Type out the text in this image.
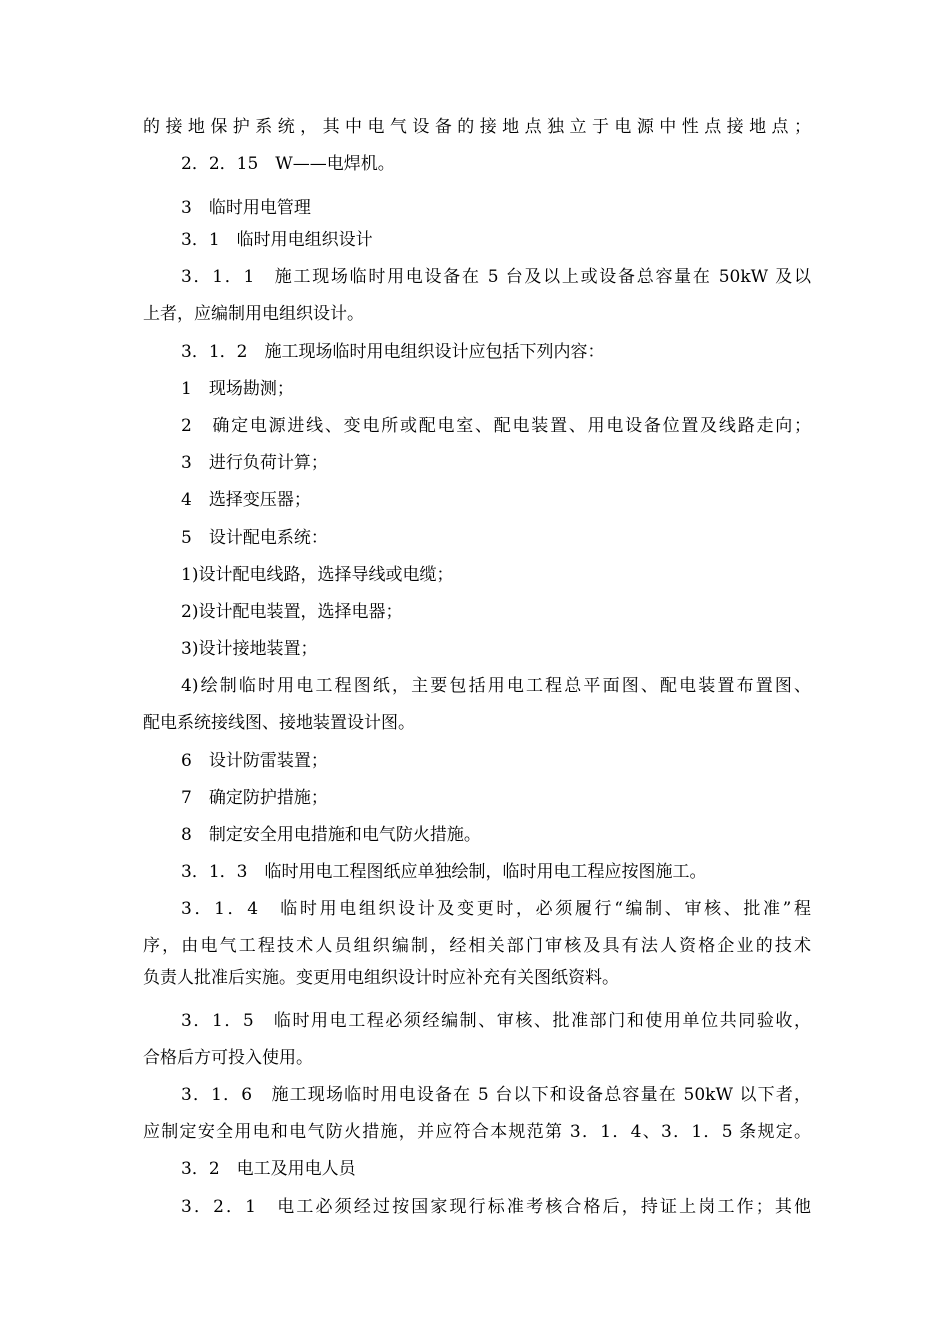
的接地保护系统，其中电气设备的接地点独立于电源中性点接地点；
2．2．15　W——电焊机。
3　临时用电管理
3．1　临时用电组织设计
3．1．1　施工现场临时用电设备在 5 台及以上或设备总容量在 50kW 及以
上者，应编制用电组织设计。
3．1．2　施工现场临时用电组织设计应包括下列内容：
1　现场勘测；
2　确定电源进线、变电所或配电室、配电装置、用电设备位置及线路走向；
3　进行负荷计算；
4　选择变压器；
5　设计配电系统：
1)设计配电线路，选择导线或电缆；
2)设计配电装置，选择电器；
3)设计接地装置；
4)绘制临时用电工程图纸，主要包括用电工程总平面图、配电装置布置图、
配电系统接线图、接地装置设计图。
6　设计防雷装置；
7　确定防护措施；
8　制定安全用电措施和电气防火措施。
3．1．3　临时用电工程图纸应单独绘制，临时用电工程应按图施工。
3．1．4　临时用电组织设计及变更时，必须履行“编制、审核、批准”程
序，由电气工程技术人员组织编制，经相关部门审核及具有法人资格企业的技术
负责人批准后实施。变更用电组织设计时应补充有关图纸资料。
3．1．5　临时用电工程必须经编制、审核、批准部门和使用单位共同验收，
合格后方可投入使用。
3．1．6　施工现场临时用电设备在 5 台以下和设备总容量在 50kW 以下者，
应制定安全用电和电气防火措施，并应符合本规范第 3．1．4、3．1．5 条规定。
3．2　电工及用电人员
3．2．1　电工必须经过按国家现行标准考核合格后，持证上岗工作；其他
